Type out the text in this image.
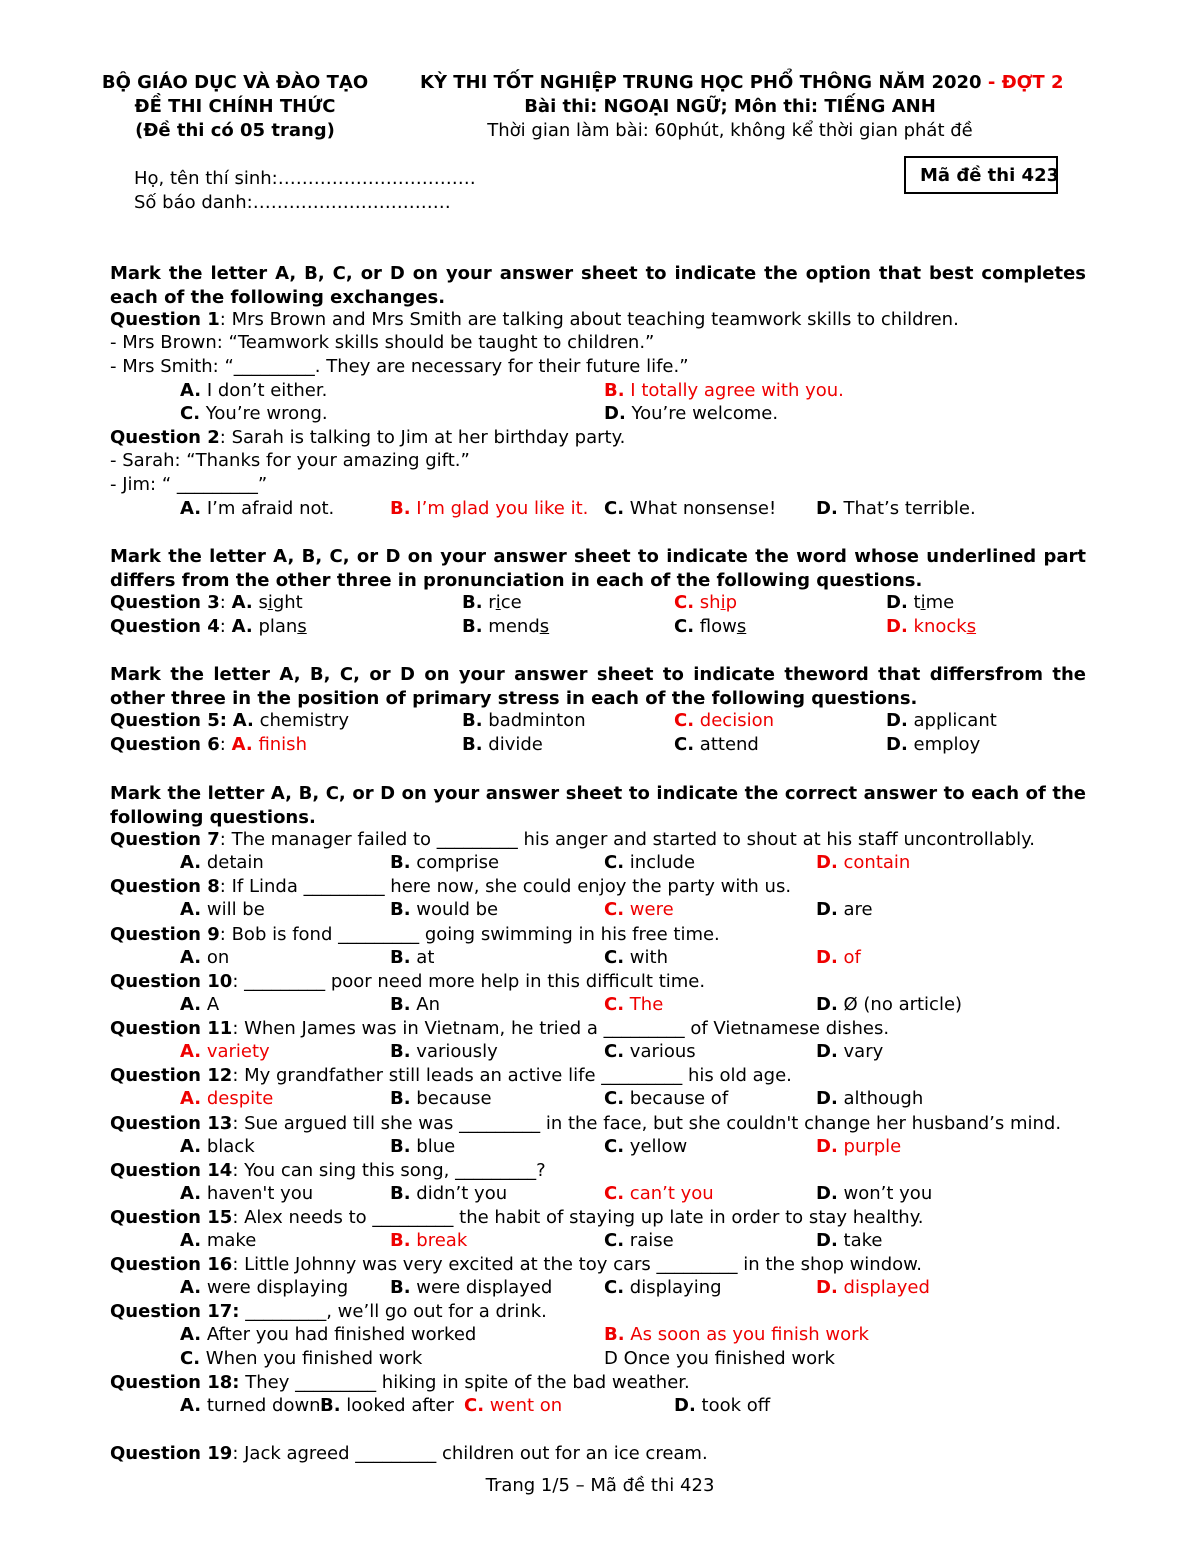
BỘ GIÁO DỤC VÀ ĐÀO TẠO
ĐỀ THI CHÍNH THỨC
(Đề thi có 05 trang)
KỲ THI TỐT NGHIỆP TRUNG HỌC PHỔ THÔNG NĂM 2020 - ĐỢT 2
Bài thi: NGOẠI NGỮ; Môn thi: TIẾNG ANH
Thời gian làm bài: 60phút, không kể thời gian phát đề
Họ, tên thí sinh:……………………………
Số báo danh:……………………………
Mã đề thi 423
Mark the letter A, B, C, or D on your answer sheet to indicate the option that best completes each of the following exchanges.
Question 1: Mrs Brown and Mrs Smith are talking about teaching teamwork skills to children.
- Mrs Brown: “Teamwork skills should be taught to children.”
- Mrs Smith: “_________. They are necessary for their future life.”
A. I don’t either.	B. I totally agree with you.
C. You’re wrong.	D. You’re welcome.
Question 2: Sarah is talking to Jim at her birthday party.
- Sarah: “Thanks for your amazing gift.”
- Jim: “ _________”
A. I’m afraid not.	B. I’m glad you like it. C. What nonsense! D. That’s terrible.
Mark the letter A, B, C, or D on your answer sheet to indicate the word whose underlined part differs from the other three in pronunciation in each of the following questions.
Question 3: A. sight	B. rice	C. ship	D. time
Question 4: A. plans	B. mends	C. flows	D. knocks
Mark the letter A, B, C, or D on your answer sheet to indicate theword that differsfrom the other three in the position of primary stress in each of the following questions.
Question 5: A. chemistry	B. badminton	C. decision	D. applicant
Question 6: A. finish	B. divide	C. attend	D. employ
Mark the letter A, B, C, or D on your answer sheet to indicate the correct answer to each of the following questions.
Question 7: The manager failed to _________ his anger and started to shout at his staff uncontrollably.
A. detain	B. comprise	C. include	D. contain
Question 8: If Linda _________ here now, she could enjoy the party with us.
A. will be	B. would be	C. were	D. are
Question 9: Bob is fond _________ going swimming in his free time.
A. on	B. at	C. with	D. of
Question 10: _________ poor need more help in this difficult time.
A. A	B. An	C. The	D. Ø (no article)
Question 11: When James was in Vietnam, he tried a _________ of Vietnamese dishes.
A. variety	B. variously	C. various	D. vary
Question 12: My grandfather still leads an active life _________ his old age.
A. despite	B. because	C. because of	D. although
Question 13: Sue argued till she was _________ in the face, but she couldn't change her husband’s mind.
A. black	B. blue	C. yellow	D. purple
Question 14: You can sing this song, _________?
A. haven't you	B. didn’t you	C. can’t you	D. won’t you
Question 15: Alex needs to _________ the habit of staying up late in order to stay healthy.
A. make	B. break	C. raise	D. take
Question 16: Little Johnny was very excited at the toy cars _________ in the shop window.
A. were displaying B. were displayed	C. displaying	D. displayed
Question 17: _________, we’ll go out for a drink.
A. After you had finished worked	B. As soon as you finish work
C. When you finished work	D Once you finished work
Question 18: They _________ hiking in spite of the bad weather.
A. turned down B. looked after C. went on	D. took off
Question 19: Jack agreed _________ children out for an ice cream.
Trang 1/5 – Mã đề thi 423
